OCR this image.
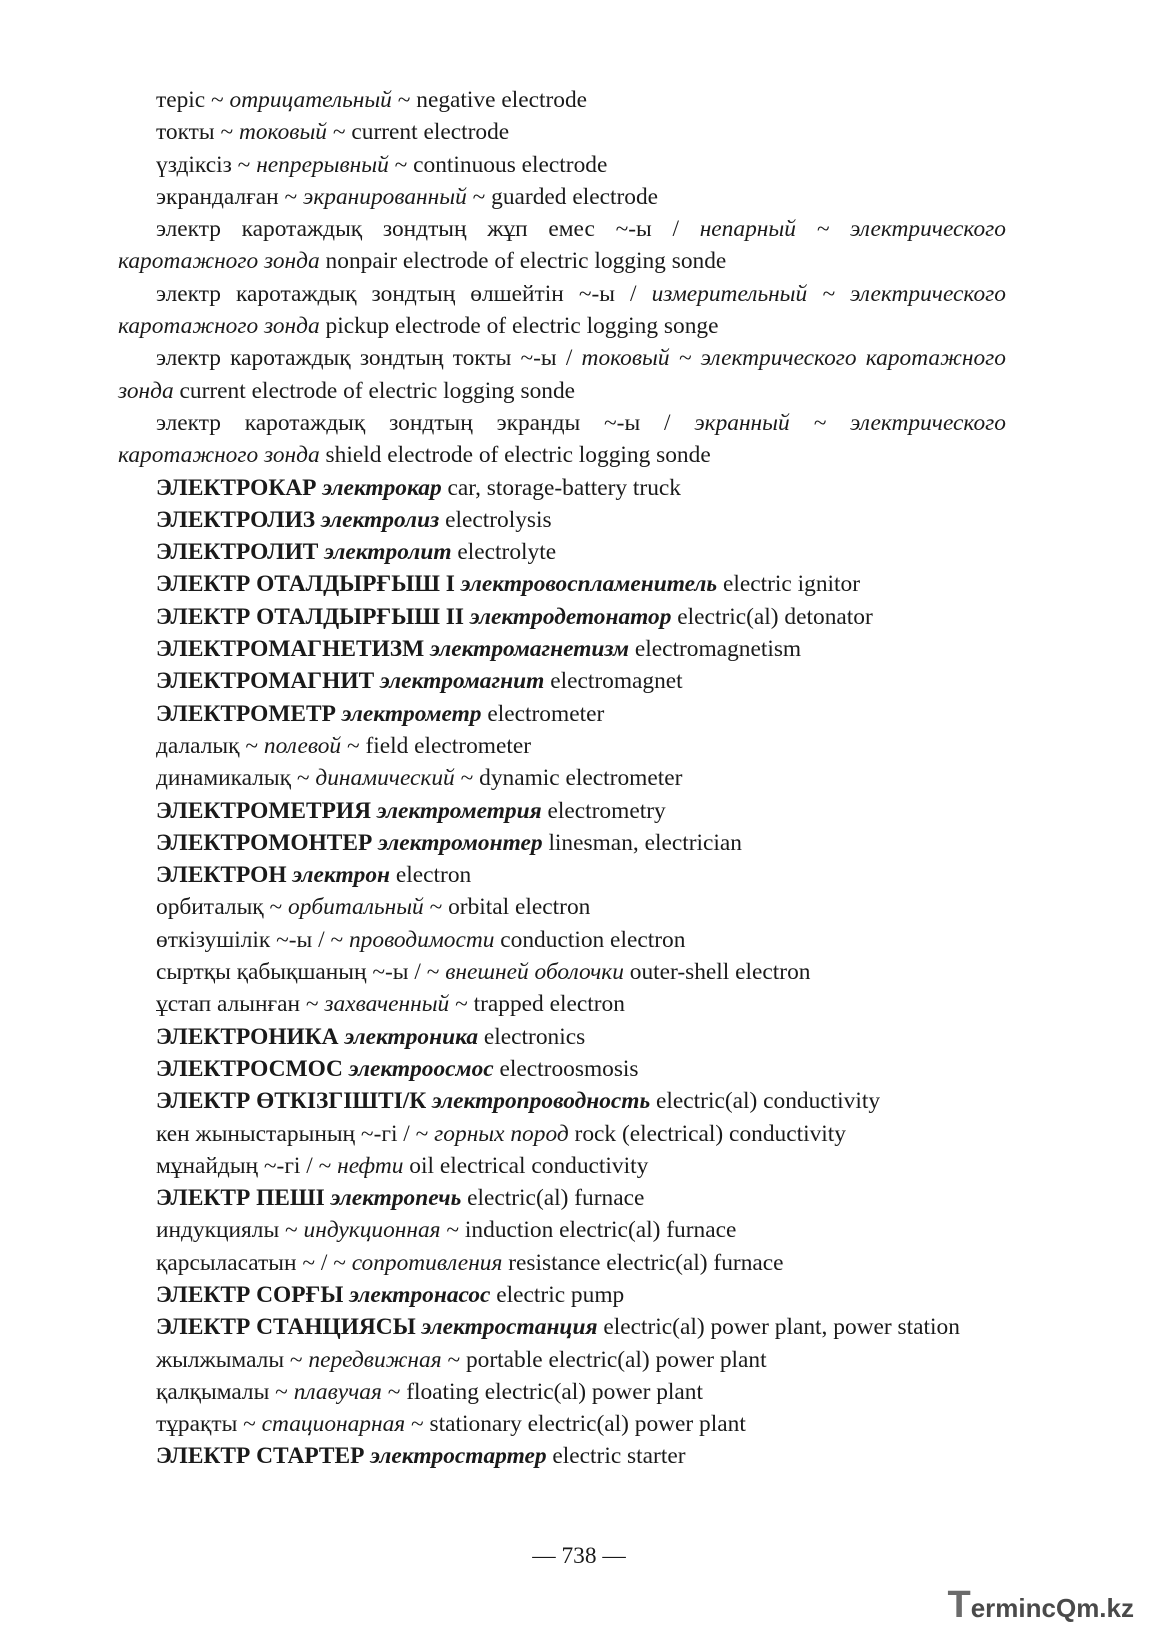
теріс ~ отрицательный ~ negative electrode

токты ~ токовый ~ current electrode

үздіксіз ~ непрерывный ~ continuous electrode

экрандалған ~ экранированный ~ guarded electrode

электр каротаждық зондтың жұп емес ~-ы / непарный ~ электрического каротажного зонда nonpair electrode of electric logging sonde

электр каротаждық зондтың өлшейтін ~-ы / измерительный ~ электрического каротажного зонда pickup electrode of electric logging songe

электр каротаждық зондтың токты ~-ы / токовый ~ электрического каротажного зонда current electrode of electric logging sonde

электр каротаждық зондтың экранды ~-ы / экранный ~ электрического каротажного зонда shield electrode of electric logging sonde

ЭЛЕКТРОКАР электрокар car, storage-battery truck

ЭЛЕКТРОЛИЗ электролиз electrolysis

ЭЛЕКТРОЛИТ электролит electrolyte

ЭЛЕКТР ОТАЛДЫРҒЫШ І электровоспламенитель electric ignitor

ЭЛЕКТР ОТАЛДЫРҒЫШ ІІ электродетонатор electric(al) detonator

ЭЛЕКТРОМАГНЕТИЗМ электромагнетизм electromagnetism

ЭЛЕКТРОМАГНИТ электромагнит electromagnet

ЭЛЕКТРОМЕТР электрометр electrometer

далалық ~ полевой ~ field electrometer

динамикалық ~ динамический ~ dynamic electrometer

ЭЛЕКТРОМЕТРИЯ электрометрия electrometry

ЭЛЕКТРОМОНТЕР электромонтер linesman, electrician

ЭЛЕКТРОН электрон electron

орбиталық ~ орбитальный ~ orbital electron

өткізушілік ~-ы / ~ проводимости conduction electron

сыртқы қабықшаның ~-ы / ~ внешней оболочки outer-shell electron

ұстап алынған ~ захваченный ~ trapped electron

ЭЛЕКТРОНИКА электроника electronics

ЭЛЕКТРОСМОС электроосмос electroosmosis

ЭЛЕКТР ӨТКІЗГІШТІ/К электропроводность electric(al) conductivity

кен жыныстарының ~-гі / ~ горных пород rock (electrical) conductivity

мұнайдың ~-гі / ~ нефти oil electrical conductivity

ЭЛЕКТР ПЕШІ электропечь electric(al) furnace

индукциялы ~ индукционная ~ induction electric(al) furnace

қарсыласатын ~ / ~ сопротивления resistance electric(al) furnace

ЭЛЕКТР СОРҒЫ электронасос electric pump

ЭЛЕКТР СТАНЦИЯСЫ электростанция electric(al) power plant, power station

жылжымалы ~ передвижная ~ portable electric(al) power plant

қалқымалы ~ плавучая ~ floating electric(al) power plant

тұрақты ~ стационарная ~ stationary electric(al) power plant

ЭЛЕКТР СТАРТЕР электростартер electric starter

— 738 —
TermincQm.kz
